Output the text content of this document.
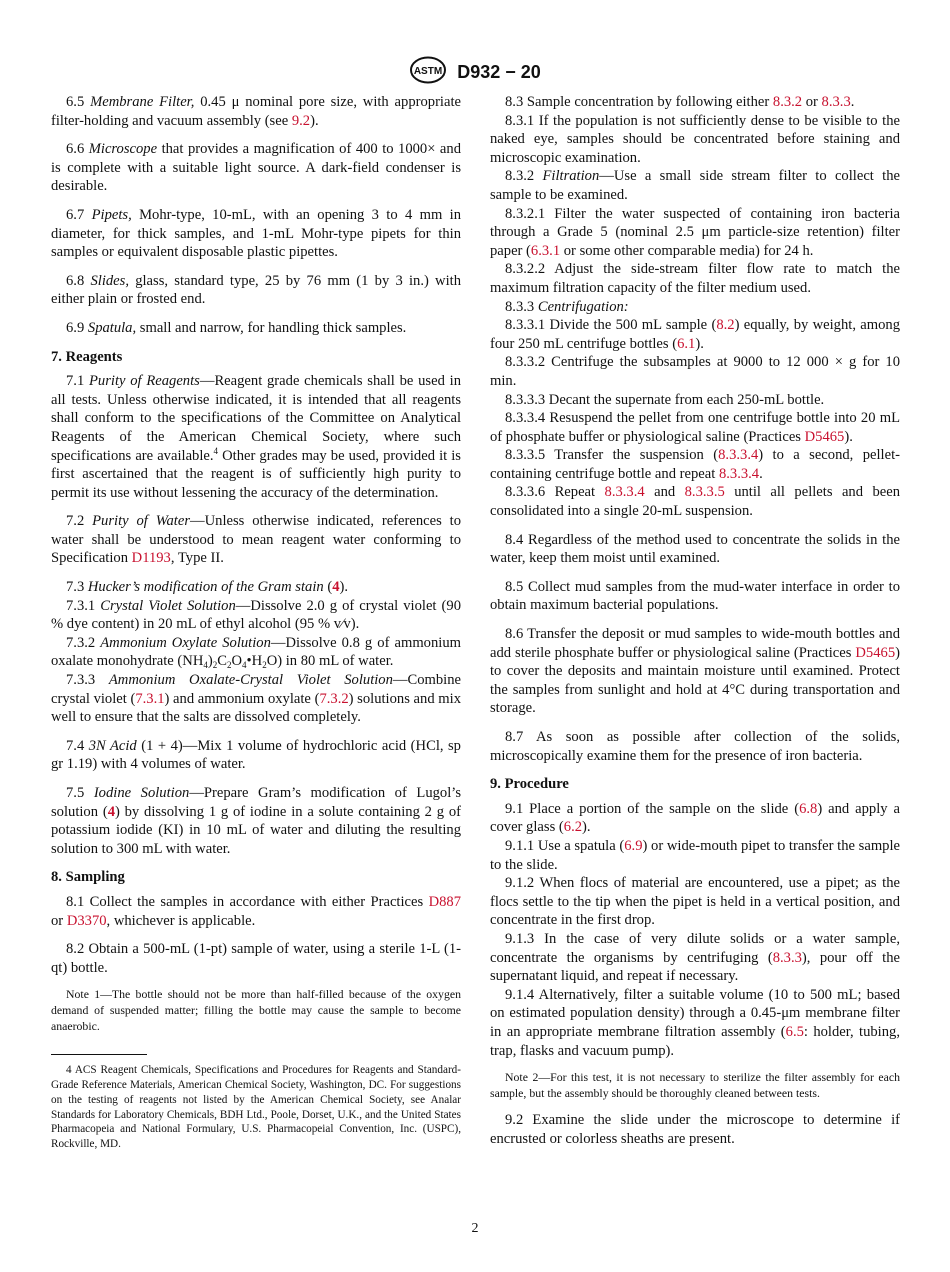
ASTM D932 − 20

6.5 Membrane Filter, 0.45 μ nominal pore size, with appropriate filter-holding and vacuum assembly (see 9.2).

6.6 Microscope that provides a magnification of 400 to 1000× and is complete with a suitable light source. A dark-field condenser is desirable.

6.7 Pipets, Mohr-type, 10-mL, with an opening 3 to 4 mm in diameter, for thick samples, and 1-mL Mohr-type pipets for thin samples or equivalent disposable plastic pipettes.

6.8 Slides, glass, standard type, 25 by 76 mm (1 by 3 in.) with either plain or frosted end.

6.9 Spatula, small and narrow, for handling thick samples.

7. Reagents

7.1 Purity of Reagents—Reagent grade chemicals shall be used in all tests. Unless otherwise indicated, it is intended that all reagents shall conform to the specifications of the Committee on Analytical Reagents of the American Chemical Society, where such specifications are available.$^4$ Other grades may be used, provided it is first ascertained that the reagent is of sufficiently high purity to permit its use without lessening the accuracy of the determination.

7.2 Purity of Water—Unless otherwise indicated, references to water shall be understood to mean reagent water conforming to Specification D1193, Type II.

7.3 Hucker’s modification of the Gram stain (4).

7.3.1 Crystal Violet Solution—Dissolve 2.0 g of crystal violet (90 % dye content) in 20 mL of ethyl alcohol (95 % v⁄v).

7.3.2 Ammonium Oxylate Solution—Dissolve 0.8 g of ammonium oxalate monohydrate $(NH_4)_2C_2O_4•H_2O$) in 80 mL of water.

7.3.3 Ammonium Oxalate-Crystal Violet Solution—Combine crystal violet (7.3.1) and ammonium oxylate (7.3.2) solutions and mix well to ensure that the salts are dissolved completely.

7.4 3N Acid (1 + 4)—Mix 1 volume of hydrochloric acid (HCl, sp gr 1.19) with 4 volumes of water.

7.5 Iodine Solution—Prepare Gram’s modification of Lugol’s solution (4) by dissolving 1 g of iodine in a solute containing 2 g of potassium iodide (KI) in 10 mL of water and diluting the resulting solution to 300 mL with water.

8. Sampling

8.1 Collect the samples in accordance with either Practices D887 or D3370, whichever is applicable.

8.2 Obtain a 500-mL (1-pt) sample of water, using a sterile 1-L (1-qt) bottle.

Note 1—The bottle should not be more than half-filled because of the oxygen demand of suspended matter; filling the bottle may cause the sample to become anaerobic.

4 ACS Reagent Chemicals, Specifications and Procedures for Reagents and Standard-Grade Reference Materials, American Chemical Society, Washington, DC. For suggestions on the testing of reagents not listed by the American Chemical Society, see Analar Standards for Laboratory Chemicals, BDH Ltd., Poole, Dorset, U.K., and the United States Pharmacopeia and National Formulary, U.S. Pharmacopeial Convention, Inc. (USPC), Rockville, MD.

8.3 Sample concentration by following either 8.3.2 or 8.3.3.

8.3.1 If the population is not sufficiently dense to be visible to the naked eye, samples should be concentrated before staining and microscopic examination.

8.3.2 Filtration—Use a small side stream filter to collect the sample to be examined.

8.3.2.1 Filter the water suspected of containing iron bacteria through a Grade 5 (nominal 2.5 μm particle-size retention) filter paper (6.3.1 or some other comparable media) for 24 h.

8.3.2.2 Adjust the side-stream filter flow rate to match the maximum filtration capacity of the filter medium used.

8.3.3 Centrifugation:

8.3.3.1 Divide the 500 mL sample (8.2) equally, by weight, among four 250 mL centrifuge bottles (6.1).

8.3.3.2 Centrifuge the subsamples at 9000 to 12 000 × g for 10 min.

8.3.3.3 Decant the supernate from each 250-mL bottle.

8.3.3.4 Resuspend the pellet from one centrifuge bottle into 20 mL of phosphate buffer or physiological saline (Practices D5465).

8.3.3.5 Transfer the suspension (8.3.3.4) to a second, pellet-containing centrifuge bottle and repeat 8.3.3.4.

8.3.3.6 Repeat 8.3.3.4 and 8.3.3.5 until all pellets and been consolidated into a single 20-mL suspension.

8.4 Regardless of the method used to concentrate the solids in the water, keep them moist until examined.

8.5 Collect mud samples from the mud-water interface in order to obtain maximum bacterial populations.

8.6 Transfer the deposit or mud samples to wide-mouth bottles and add sterile phosphate buffer or physiological saline (Practices D5465) to cover the deposits and maintain moisture until examined. Protect the samples from sunlight and hold at 4°C during transportation and storage.

8.7 As soon as possible after collection of the solids, microscopically examine them for the presence of iron bacteria.

9. Procedure

9.1 Place a portion of the sample on the slide (6.8) and apply a cover glass (6.2).

9.1.1 Use a spatula (6.9) or wide-mouth pipet to transfer the sample to the slide.

9.1.2 When flocs of material are encountered, use a pipet; as the flocs settle to the tip when the pipet is held in a vertical position, and concentrate in the first drop.

9.1.3 In the case of very dilute solids or a water sample, concentrate the organisms by centrifuging (8.3.3), pour off the supernatant liquid, and repeat if necessary.

9.1.4 Alternatively, filter a suitable volume (10 to 500 mL; based on estimated population density) through a 0.45-μm membrane filter in an appropriate membrane filtration assembly (6.5: holder, tubing, trap, flasks and vacuum pump).

Note 2—For this test, it is not necessary to sterilize the filter assembly for each sample, but the assembly should be thoroughly cleaned between tests.

9.2 Examine the slide under the microscope to determine if encrusted or colorless sheaths are present.

2
